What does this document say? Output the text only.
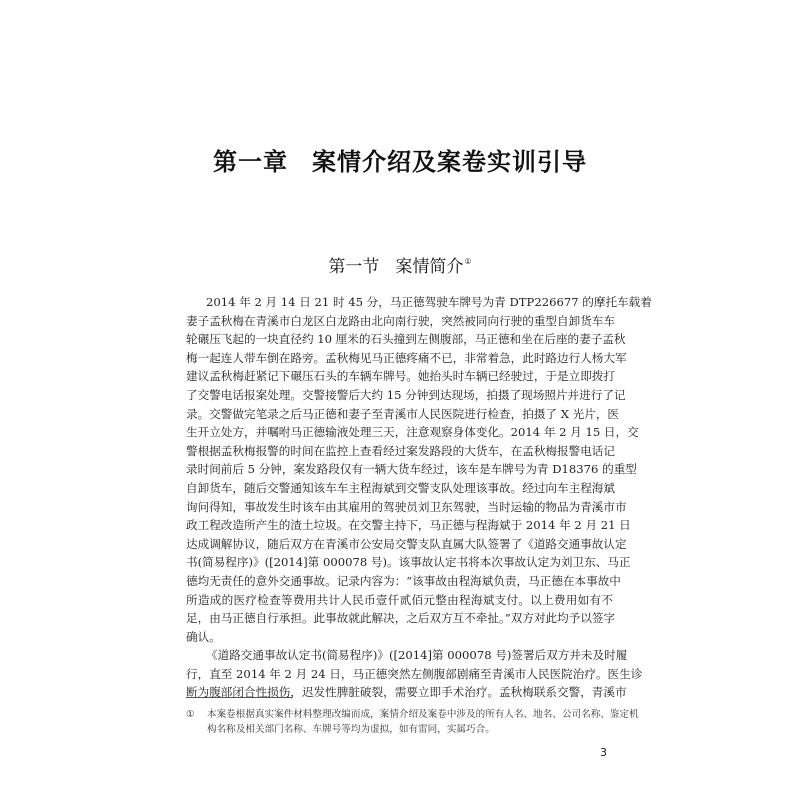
第一章 案情介绍及案卷实训引导
第一节 案情简介①

2014 年 2 月 14 日 21 时 45 分，马正德驾驶车牌号为青 DTP226677 的摩托车载着
妻子孟秋梅在青溪市白龙区白龙路由北向南行驶，突然被同向行驶的重型自卸货车车
轮碾压飞起的一块直径约 10 厘米的石头撞到左侧腹部，马正德和坐在后座的妻子孟秋
梅一起连人带车倒在路旁。孟秋梅见马正德疼痛不已，非常着急，此时路边行人杨大军
建议孟秋梅赶紧记下碾压石头的车辆车牌号。她抬头时车辆已经驶过，于是立即拨打
了交警电话报案处理。交警接警后大约 15 分钟到达现场，拍摄了现场照片并进行了记
录。交警做完笔录之后马正德和妻子至青溪市人民医院进行检查，拍摄了 X 光片，医
生开立处方，并嘱咐马正德输液处理三天，注意观察身体变化。2014 年 2 月 15 日，交
警根据孟秋梅报警的时间在监控上查看经过案发路段的大货车，在孟秋梅报警电话记
录时间前后 5 分钟，案发路段仅有一辆大货车经过，该车是车牌号为青 D18376 的重型
自卸货车，随后交警通知该车车主程海斌到交警支队处理该事故。经过向车主程海斌
询问得知，事故发生时该车由其雇用的驾驶员刘卫东驾驶，当时运输的物品为青溪市市
政工程改造所产生的渣土垃圾。在交警主持下，马正德与程海斌于 2014 年 2 月 21 日
达成调解协议，随后双方在青溪市公安局交警支队直属大队签署了《道路交通事故认定
书(简易程序)》([2014]第 000078 号)。该事故认定书将本次事故认定为刘卫东、马正
德均无责任的意外交通事故。记录内容为：“该事故由程海斌负责，马正德在本事故中
所造成的医疗检查等费用共计人民币壹仟贰佰元整由程海斌支付。以上费用如有不
足，由马正德自行承担。此事故就此解决，之后双方互不牵扯。”双方对此均予以签字
确认。

《道路交通事故认定书(简易程序)》([2014]第 000078 号)签署后双方并未及时履
行，直至 2014 年 2 月 24 日，马正德突然左侧腹部剧痛至青溪市人民医院治疗。医生诊
断为腹部闭合性损伤，迟发性脾脏破裂，需要立即手术治疗。孟秋梅联系交警，青溪市

① 本案卷根据真实案件材料整理改编而成，案情介绍及案卷中涉及的所有人名、地名、公司名称、鉴定机
构名称及相关部门名称、车牌号等均为虚拟，如有雷同，实属巧合。
3
